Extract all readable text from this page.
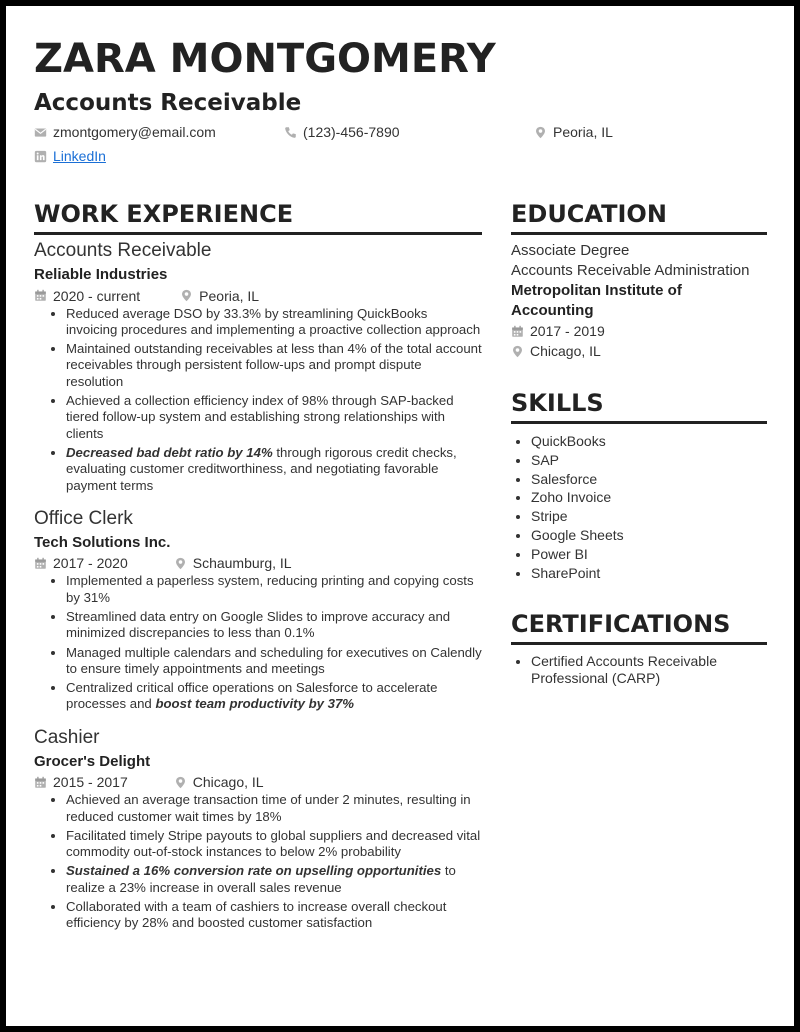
ZARA MONTGOMERY
Accounts Receivable
zmontgomery@email.com	(123)-456-7890	Peoria, IL
LinkedIn
WORK EXPERIENCE
Accounts Receivable
Reliable Industries
2020 - current	Peoria, IL
• Reduced average DSO by 33.3% by streamlining QuickBooks invoicing procedures and implementing a proactive collection approach
• Maintained outstanding receivables at less than 4% of the total account receivables through persistent follow-ups and prompt dispute resolution
• Achieved a collection efficiency index of 98% through SAP-backed tiered follow-up system and establishing strong relationships with clients
• Decreased bad debt ratio by 14% through rigorous credit checks, evaluating customer creditworthiness, and negotiating favorable payment terms
Office Clerk
Tech Solutions Inc.
2017 - 2020	Schaumburg, IL
• Implemented a paperless system, reducing printing and copying costs by 31%
• Streamlined data entry on Google Slides to improve accuracy and minimized discrepancies to less than 0.1%
• Managed multiple calendars and scheduling for executives on Calendly to ensure timely appointments and meetings
• Centralized critical office operations on Salesforce to accelerate processes and boost team productivity by 37%
Cashier
Grocer's Delight
2015 - 2017	Chicago, IL
• Achieved an average transaction time of under 2 minutes, resulting in reduced customer wait times by 18%
• Facilitated timely Stripe payouts to global suppliers and decreased vital commodity out-of-stock instances to below 2% probability
• Sustained a 16% conversion rate on upselling opportunities to realize a 23% increase in overall sales revenue
• Collaborated with a team of cashiers to increase overall checkout efficiency by 28% and boosted customer satisfaction
EDUCATION
Associate Degree
Accounts Receivable Administration
Metropolitan Institute of Accounting
2017 - 2019
Chicago, IL
SKILLS
• QuickBooks
• SAP
• Salesforce
• Zoho Invoice
• Stripe
• Google Sheets
• Power BI
• SharePoint
CERTIFICATIONS
• Certified Accounts Receivable Professional (CARP)
